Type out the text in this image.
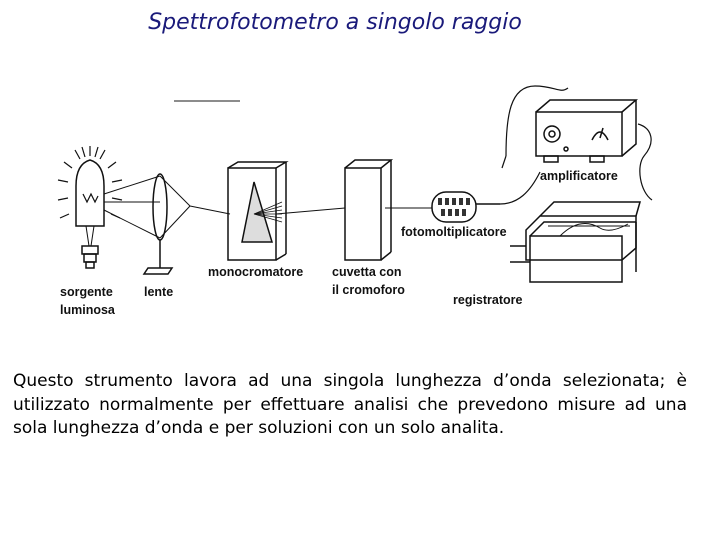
Spettrofotometro a singolo raggio
sorgente
luminosa
lente
monocromatore cuvetta con
il cromoforo
fotomoltiplicatore
amplificatore
registratore

Questo strumento lavora ad una singola lunghezza d’onda selezionata; è utilizzato normalmente per effettuare analisi che prevedono misure ad una sola lunghezza d’onda e per soluzioni con un solo analita.
